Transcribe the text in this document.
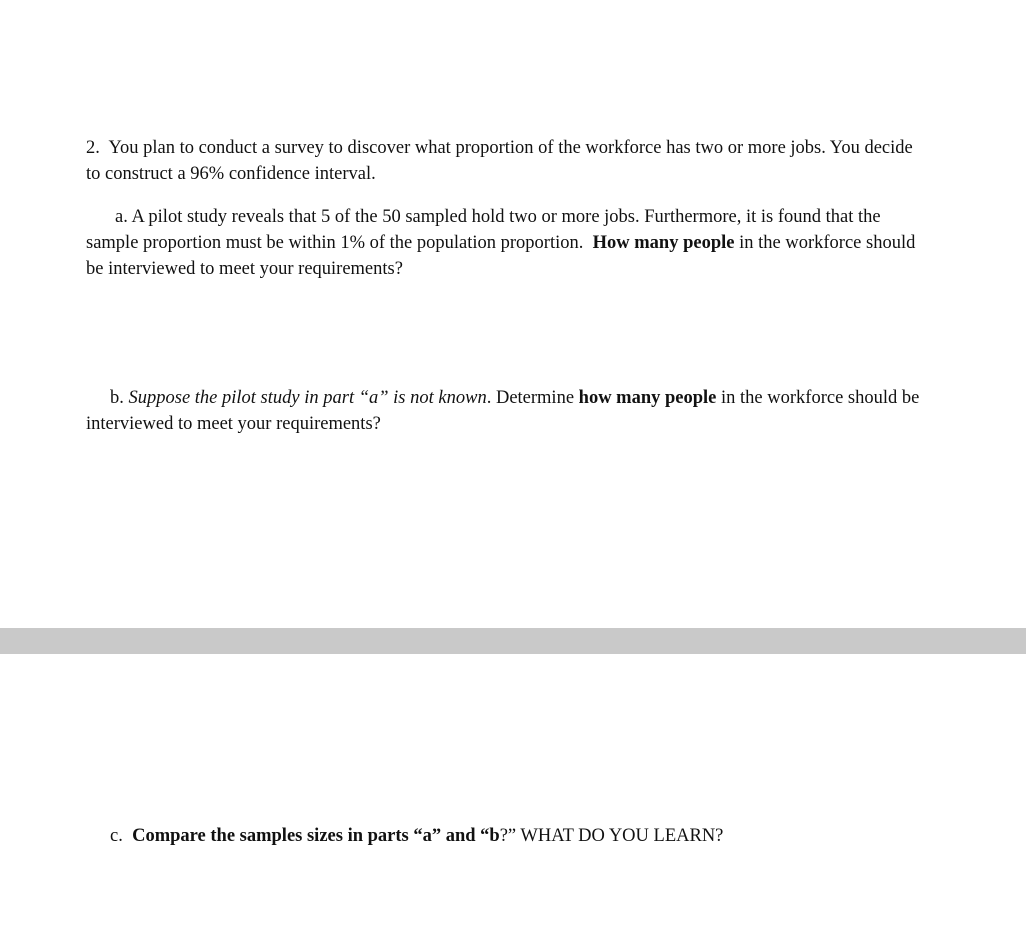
2. You plan to conduct a survey to discover what proportion of the workforce has two or more jobs. You decide to construct a 96% confidence interval.

a. A pilot study reveals that 5 of the 50 sampled hold two or more jobs. Furthermore, it is found that the sample proportion must be within 1% of the population proportion. How many people in the workforce should be interviewed to meet your requirements?

b. Suppose the pilot study in part “a” is not known. Determine how many people in the workforce should be interviewed to meet your requirements?

c. Compare the samples sizes in parts “a” and “b?” WHAT DO YOU LEARN?
